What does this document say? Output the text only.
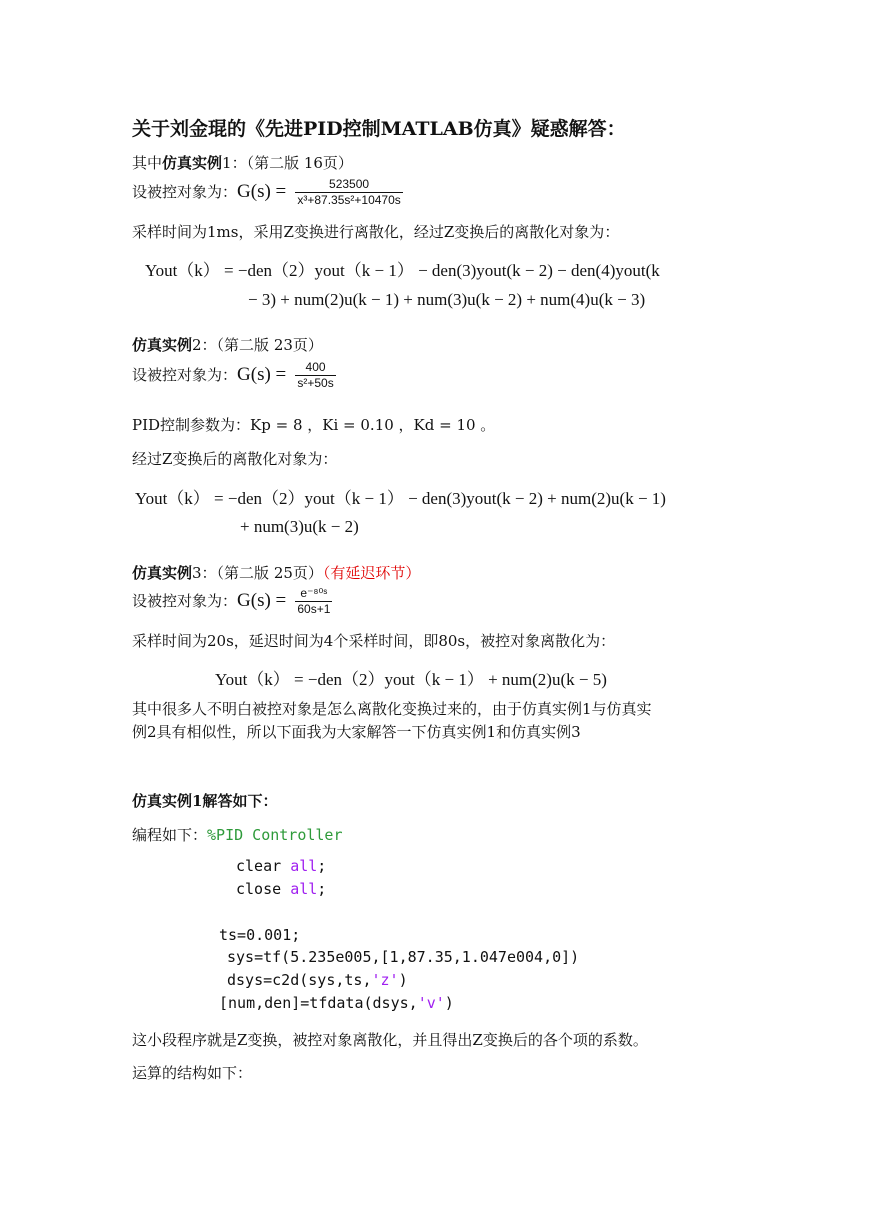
关于刘金琨的《先进PID控制MATLAB仿真》疑惑解答：
其中仿真实例1：（第二版 16页）
设被控对象为：$G(s) = \frac{523500}{\text{x³+87.35s²+10470s}}$
采样时间为1ms，采用Z变换进行离散化，经过Z变换后的离散化对象为：
Yout（k） = −den（2）yout（k − 1） − den(3)yout(k − 2) − den(4)yout(k
− 3) + num(2)u(k − 1) + num(3)u(k − 2) + num(4)u(k − 3)
仿真实例2：（第二版 23页）
设被控对象为：$G(s) = \frac{400}{\text{s²+50s}}$
PID控制参数为：Kp = 8 ，Ki = 0.10 ，Kd = 10 。
经过Z变换后的离散化对象为：
Yout（k） = −den（2）yout（k − 1） − den(3)yout(k − 2) + num(2)u(k − 1)
+ num(3)u(k − 2)
仿真实例3：（第二版 25页）（有延迟环节）
设被控对象为：$G(s) = \frac{\text{e⁻⁸⁰ˢ}}{60s+1}$
采样时间为20s，延迟时间为4个采样时间，即80s，被控对象离散化为：
Yout（k） = −den（2）yout（k − 1） + num(2)u(k − 5)
其中很多人不明白被控对象是怎么离散化变换过来的，由于仿真实例1与仿真实
例2具有相似性，所以下面我为大家解答一下仿真实例1和仿真实例3
仿真实例1解答如下：
编程如下：%PID Controller
clear all;
close all;
ts=0.001;
sys=tf(5.235e005,[1,87.35,1.047e004,0])
dsys=c2d(sys,ts,'z')
[num,den]=tfdata(dsys,'v')
这小段程序就是Z变换，被控对象离散化，并且得出Z变换后的各个项的系数。
运算的结构如下：
